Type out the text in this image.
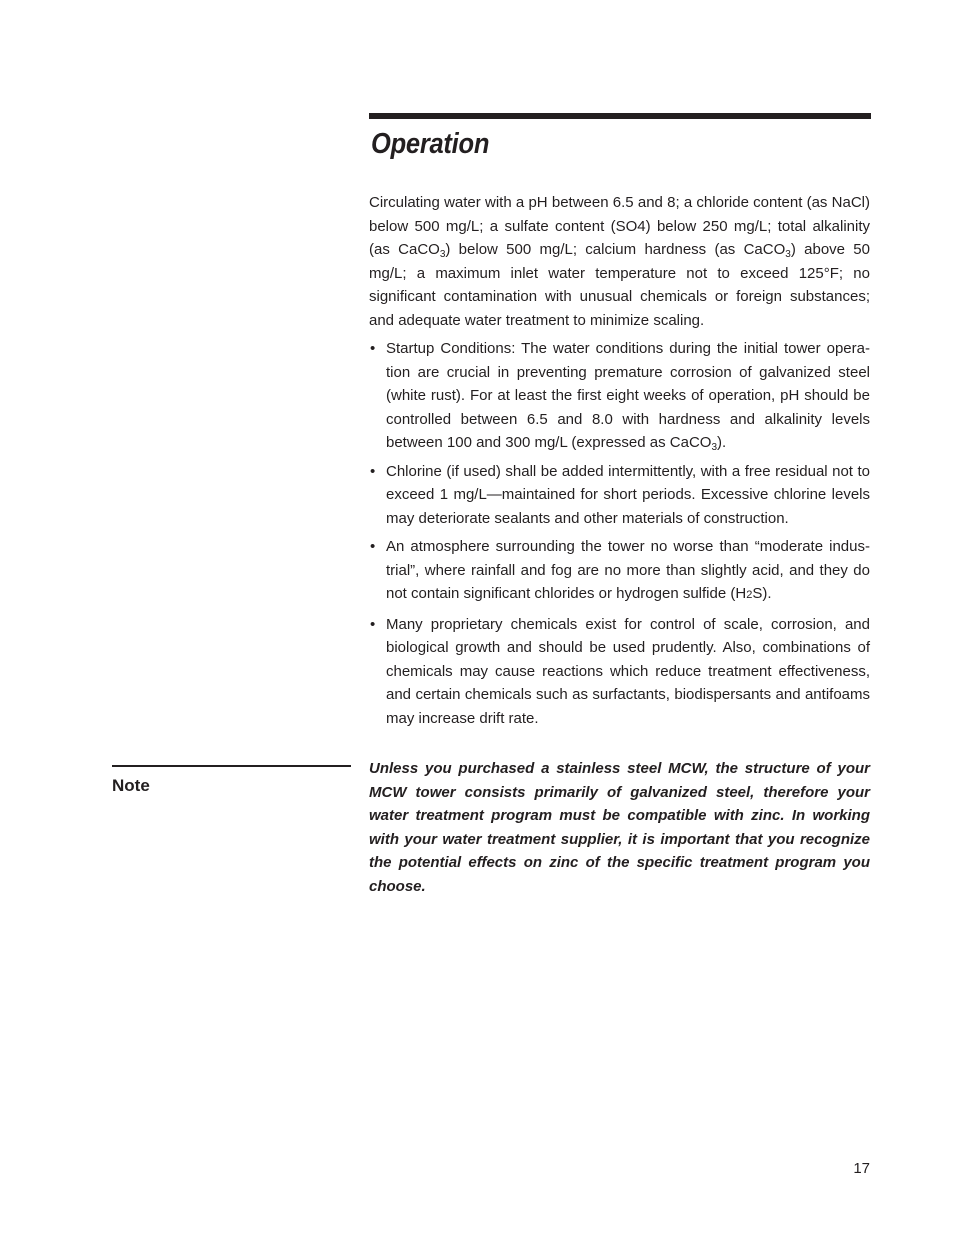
Operation

Circulating water with a pH between 6.5 and 8; a chloride content (as NaCl) below 500 mg/L; a sulfate content (SO4) below 250 mg/L; total alkalinity (as CaCO$_3$) below 500 mg/L; calcium hardness (as CaCO$_3$) above 50 mg/L; a maximum inlet water temperature not to exceed 125°F; no significant contamination with unusual chemicals or foreign substances; and adequate water treatment to minimize scaling.

• Startup Conditions: The water conditions during the initial tower operation are crucial in preventing premature corrosion of galvanized steel (white rust). For at least the first eight weeks of operation, pH should be controlled between 6.5 and 8.0 with hardness and alkalinity levels between 100 and 300 mg/L (expressed as CaCO$_3$).
• Chlorine (if used) shall be added intermittently, with a free residual not to exceed 1 mg/L—maintained for short periods. Excessive chlorine levels may deteriorate sealants and other materials of construction.
• An atmosphere surrounding the tower no worse than “moderate industrial”, where rainfall and fog are no more than slightly acid, and they do not contain significant chlorides or hydrogen sulfide (H2S).
• Many proprietary chemicals exist for control of scale, corrosion, and biological growth and should be used prudently. Also, combinations of chemicals may cause reactions which reduce treatment effectiveness, and certain chemicals such as surfactants, biodispersants and antifoams may increase drift rate.
Note

Unless you purchased a stainless steel MCW, the structure of your MCW tower consists primarily of galvanized steel, therefore your water treatment program must be compatible with zinc. In working with your water treatment supplier, it is important that you recognize the potential effects on zinc of the specific treatment program you choose.

17
